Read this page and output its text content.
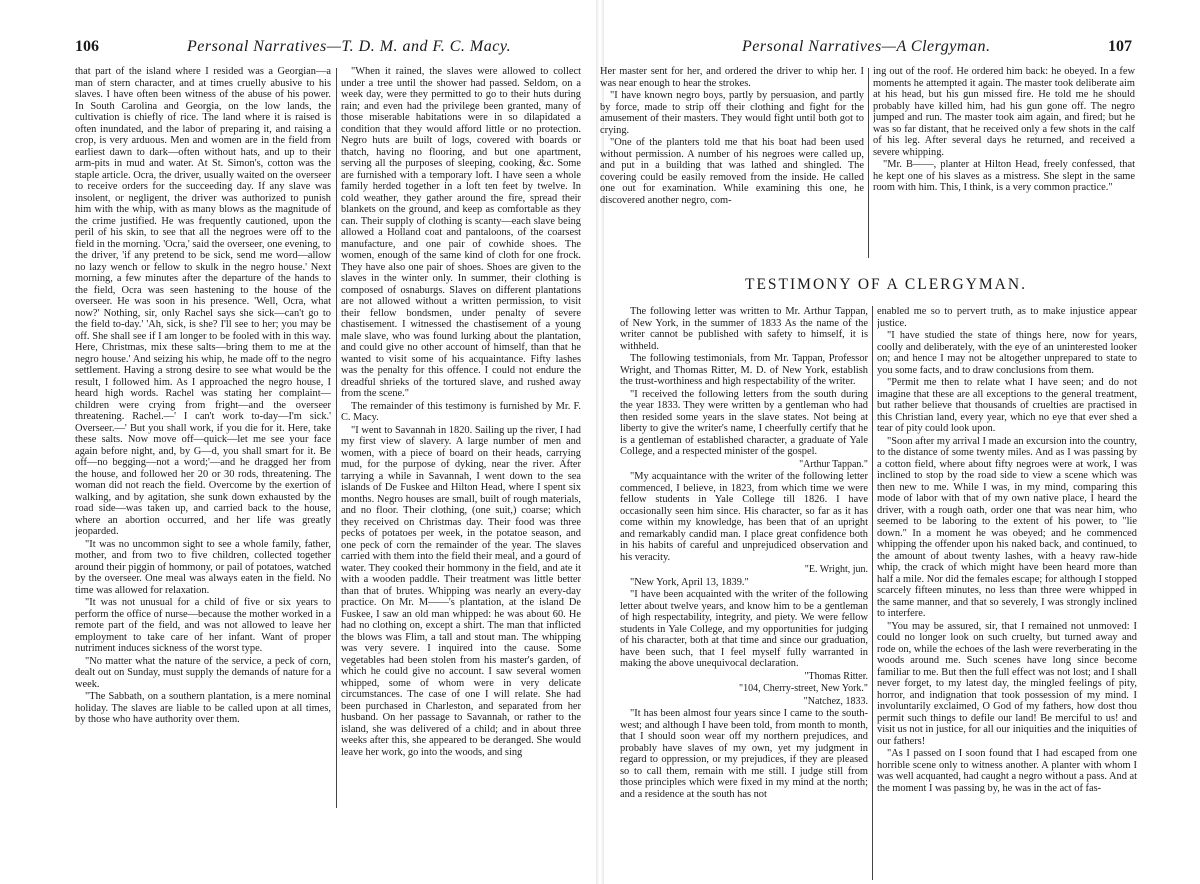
106	Personal Narratives—T. D. M. and F. C. Macy.

that part of the island where I resided was a Georgian—a man of stern character, and at times cruelly abusive to his slaves. I have often been witness of the abuse of his power. In South Carolina and Georgia, on the low lands, the cultivation is chiefly of rice. The land where it is raised is often inundated, and the labor of preparing it, and raising a crop, is very arduous. Men and women are in the field from earliest dawn to dark—often without hats, and up to their arm-pits in mud and water. At St. Simon's, cotton was the staple article. Ocra, the driver, usually waited on the overseer to receive orders for the succeeding day. If any slave was insolent, or negligent, the driver was authorized to punish him with the whip, with as many blows as the magnitude of the crime justified. He was frequently cautioned, upon the peril of his skin, to see that all the negroes were off to the field in the morning. 'Ocra,' said the overseer, one evening, to the driver, 'if any pretend to be sick, send me word—allow no lazy wench or fellow to skulk in the negro house.' Next morning, a few minutes after the departure of the hands to the field, Ocra was seen hastening to the house of the overseer. He was soon in his presence. 'Well, Ocra, what now?' Nothing, sir, only Rachel says she sick—can't go to the field to-day.' 'Ah, sick, is she? I'll see to her; you may be off. She shall see if I am longer to be fooled with in this way. Here, Christmas, mix these salts—bring them to me at the negro house.' And seizing his whip, he made off to the negro settlement. Having a strong desire to see what would be the result, I followed him. As I approached the negro house, I heard high words. Rachel was stating her complaint—children were crying from fright—and the overseer threatening. Rachel.—' I can't work to-day—I'm sick.' Overseer.—' But you shall work, if you die for it. Here, take these salts. Now move off—quick—let me see your face again before night, and, by G—d, you shall smart for it. Be off—no begging—not a word;'—and he dragged her from the house, and followed her 20 or 30 rods, threatening. The woman did not reach the field. Overcome by the exertion of walking, and by agitation, she sunk down exhausted by the road side—was taken up, and carried back to the house, where an abortion occurred, and her life was greatly jeoparded.

"It was no uncommon sight to see a whole family, father, mother, and from two to five children, collected together around their piggin of hommony, or pail of potatoes, watched by the overseer. One meal was always eaten in the field. No time was allowed for relaxation.

"It was not unusual for a child of five or six years to perform the office of nurse—because the mother worked in a remote part of the field, and was not allowed to leave her employment to take care of her infant. Want of proper nutriment induces sickness of the worst type.

"No matter what the nature of the service, a peck of corn, dealt out on Sunday, must supply the demands of nature for a week.

"The Sabbath, on a southern plantation, is a mere nominal holiday. The slaves are liable to be called upon at all times, by those who have authority over them.

"When it rained, the slaves were allowed to collect under a tree until the shower had passed. Seldom, on a week day, were they permitted to go to their huts during rain; and even had the privilege been granted, many of those miserable habitations were in so dilapidated a condition that they would afford little or no protection. Negro huts are built of logs, covered with boards or thatch, having no flooring, and but one apartment, serving all the purposes of sleeping, cooking, &c. Some are furnished with a temporary loft. I have seen a whole family herded together in a loft ten feet by twelve. In cold weather, they gather around the fire, spread their blankets on the ground, and keep as comfortable as they can. Their supply of clothing is scanty—each slave being allowed a Holland coat and pantaloons, of the coarsest manufacture, and one pair of cowhide shoes. The women, enough of the same kind of cloth for one frock. They have also one pair of shoes. Shoes are given to the slaves in the winter only. In summer, their clothing is composed of osnaburgs. Slaves on different plantations are not allowed without a written permission, to visit their fellow bondsmen, under penalty of severe chastisement. I witnessed the chastisement of a young male slave, who was found lurking about the plantation, and could give no other account of himself, than that he wanted to visit some of his acquaintance. Fifty lashes was the penalty for this offence. I could not endure the dreadful shrieks of the tortured slave, and rushed away from the scene."

The remainder of this testimony is furnished by Mr. F. C. Macy.

"I went to Savannah in 1820. Sailing up the river, I had my first view of slavery. A large number of men and women, with a piece of board on their heads, carrying mud, for the purpose of dyking, near the river. After tarrying a while in Savannah, I went down to the sea islands of De Fuskee and Hilton Head, where I spent six months. Negro houses are small, built of rough materials, and no floor. Their clothing, (one suit,) coarse; which they received on Christmas day. Their food was three pecks of potatoes per week, in the potatoe season, and one peck of corn the remainder of the year. The slaves carried with them into the field their meal, and a gourd of water. They cooked their hommony in the field, and ate it with a wooden paddle. Their treatment was little better than that of brutes. Whipping was nearly an every-day practice. On Mr. M——'s plantation, at the island De Fuskee, I saw an old man whipped: he was about 60. He had no clothing on, except a shirt. The man that inflicted the blows was Flim, a tall and stout man. The whipping was very severe. I inquired into the cause. Some vegetables had been stolen from his master's garden, of which he could give no account. I saw several women whipped, some of whom were in very delicate circumstances. The case of one I will relate. She had been purchased in Charleston, and separated from her husband. On her passage to Savannah, or rather to the island, she was delivered of a child; and in about three weeks after this, she appeared to be deranged. She would leave her work, go into the woods, and sing

Personal Narratives—A Clergyman.	107

Her master sent for her, and ordered the driver to whip her. I was near enough to hear the strokes.

"I have known negro boys, partly by persuasion, and partly by force, made to strip off their clothing and fight for the amusement of their masters. They would fight until both got to crying.

"One of the planters told me that his boat had been used without permission. A number of his negroes were called up, and put in a building that was lathed and shingled. The covering could be easily removed from the inside. He called one out for examination. While examining this one, he discovered another negro, com-

ing out of the roof. He ordered him back: he obeyed. In a few moments he attempted it again. The master took deliberate aim at his head, but his gun missed fire. He told me he should probably have killed him, had his gun gone off. The negro jumped and run. The master took aim again, and fired; but he was so far distant, that he received only a few shots in the calf of his leg. After several days he returned, and received a severe whipping.

"Mr. B——, planter at Hilton Head, freely confessed, that he kept one of his slaves as a mistress. She slept in the same room with him. This, I think, is a very common practice."

TESTIMONY OF A CLERGYMAN.

The following letter was written to Mr. Arthur Tappan, of New York, in the summer of 1833 As the name of the writer cannot be published with safety to himself, it is withheld.

The following testimonials, from Mr. Tappan, Professor Wright, and Thomas Ritter, M. D. of New York, establish the trust-worthiness and high respectability of the writer.

"I received the following letters from the south during the year 1833. They were written by a gentleman who had then resided some years in the slave states. Not being at liberty to give the writer's name, I cheerfully certify that he is a gentleman of established character, a graduate of Yale College, and a respected minister of the gospel.

"Arthur Tappan."

"My acquaintance with the writer of the following letter commenced, I believe, in 1823, from which time we were fellow students in Yale College till 1826. I have occasionally seen him since. His character, so far as it has come within my knowledge, has been that of an upright and remarkably candid man. I place great confidence both in his habits of careful and unprejudiced observation and his veracity.

"E. Wright, jun.

"New York, April 13, 1839."

"I have been acquainted with the writer of the following letter about twelve years, and know him to be a gentleman of high respectability, integrity, and piety. We were fellow students in Yale College, and my opportunities for judging of his character, both at that time and since our graduation, have been such, that I feel myself fully warranted in making the above unequivocal declaration.

"Thomas Ritter.

"104, Cherry-street, New York."

"Natchez, 1833.

"It has been almost four years since I came to the south-west; and although I have been told, from month to month, that I should soon wear off my northern prejudices, and probably have slaves of my own, yet my judgment in regard to oppression, or my prejudices, if they are pleased so to call them, remain with me still. I judge still from those principles which were fixed in my mind at the north; and a residence at the south has not

enabled me so to pervert truth, as to make injustice appear justice.

"I have studied the state of things here, now for years, coolly and deliberately, with the eye of an uninterested looker on; and hence I may not be altogether unprepared to state to you some facts, and to draw conclusions from them.

"Permit me then to relate what I have seen; and do not imagine that these are all exceptions to the general treatment, but rather believe that thousands of cruelties are practised in this Christian land, every year, which no eye that ever shed a tear of pity could look upon.

"Soon after my arrival I made an excursion into the country, to the distance of some twenty miles. And as I was passing by a cotton field, where about fifty negroes were at work, I was inclined to stop by the road side to view a scene which was then new to me. While I was, in my mind, comparing this mode of labor with that of my own native place, I heard the driver, with a rough oath, order one that was near him, who seemed to be laboring to the extent of his power, to "lie down." In a moment he was obeyed; and he commenced whipping the offender upon his naked back, and continued, to the amount of about twenty lashes, with a heavy raw-hide whip, the crack of which might have been heard more than half a mile. Nor did the females escape; for although I stopped scarcely fifteen minutes, no less than three were whipped in the same manner, and that so severely, I was strongly inclined to interfere.

"You may be assured, sir, that I remained not unmoved: I could no longer look on such cruelty, but turned away and rode on, while the echoes of the lash were reverberating in the woods around me. Such scenes have long since become familiar to me. But then the full effect was not lost; and I shall never forget, to my latest day, the mingled feelings of pity, horror, and indignation that took possession of my mind. I involuntarily exclaimed, O God of my fathers, how dost thou permit such things to defile our land! Be merciful to us! and visit us not in justice, for all our iniquities and the iniquities of our fathers!

"As I passed on I soon found that I had escaped from one horrible scene only to witness another. A planter with whom I was well acquanted, had caught a negro without a pass. And at the moment I was passing by, he was in the act of fas-
